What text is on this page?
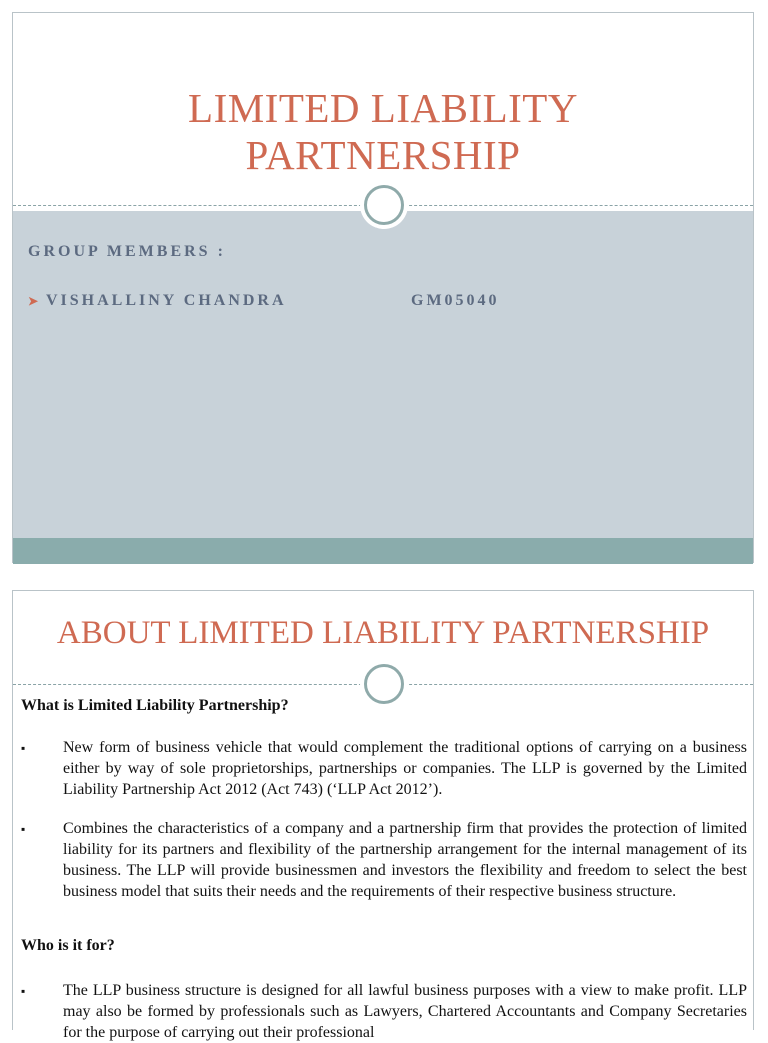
LIMITED LIABILITY
PARTNERSHIP

GROUP MEMBERS :

➤ VISHALLINY CHANDRA	GM05040
ABOUT LIMITED LIABILITY PARTNERSHIP

What is Limited Liability Partnership?

▪ New form of business vehicle that would complement the traditional options of carrying on a business either by way of sole proprietorships, partnerships or companies. The LLP is governed by the Limited Liability Partnership Act 2012 (Act 743) (‘LLP Act 2012’).

▪ Combines the characteristics of a company and a partnership firm that provides the protection of limited liability for its partners and flexibility of the partnership arrangement for the internal management of its business. The LLP will provide businessmen and investors the flexibility and freedom to select the best business model that suits their needs and the requirements of their respective business structure.

Who is it for?

▪ The LLP business structure is designed for all lawful business purposes with a view to make profit. LLP may also be formed by professionals such as Lawyers, Chartered Accountants and Company Secretaries for the purpose of carrying out their professional
